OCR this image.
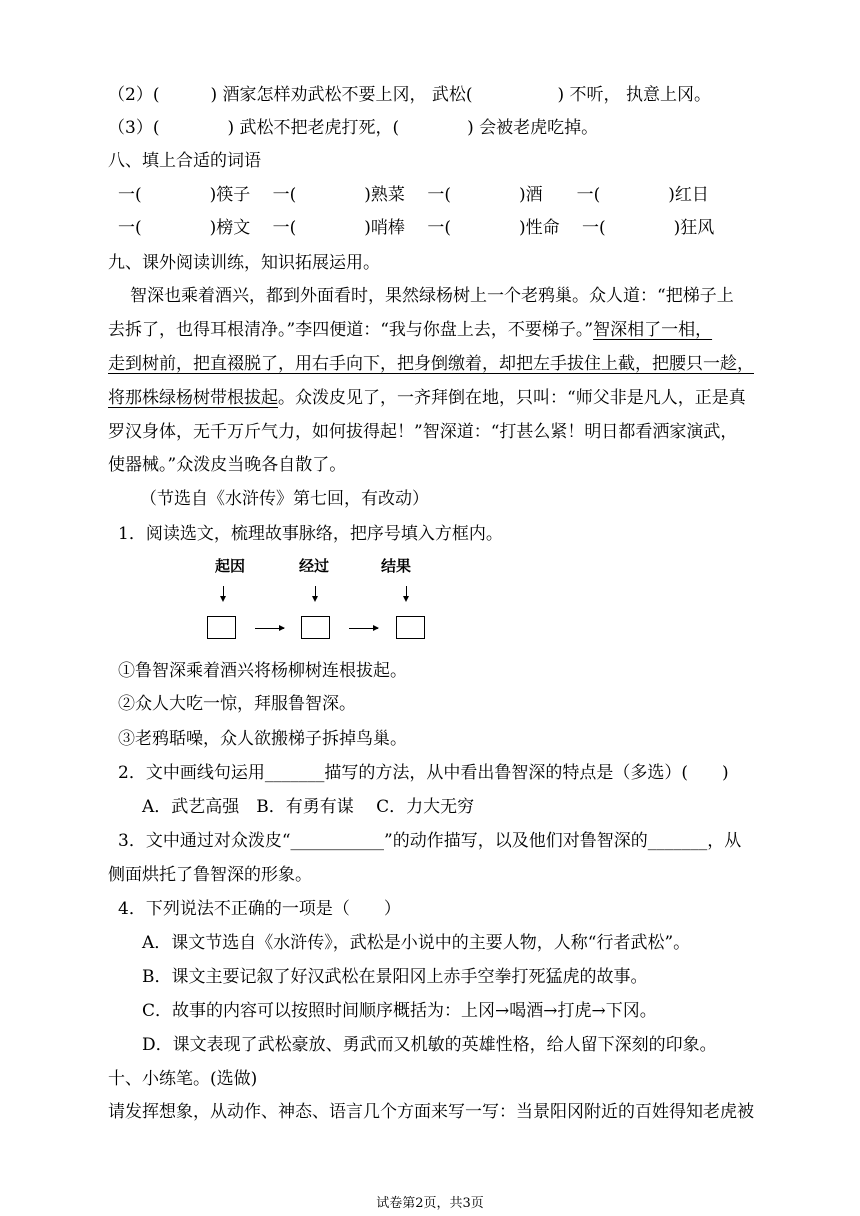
（2）(　　　) 酒家怎样劝武松不要上冈， 武松(　　　　　) 不听， 执意上冈。
（3）(　　　　) 武松不把老虎打死，(　　　　) 会被老虎吃掉。
八、填上合适的词语
一(　　　　)筷子　 一(　　　　)熟菜　 一(　　　　)酒　　一(　　　　)红日
一(　　　　)榜文　 一(　　　　)哨棒　 一(　　　　)性命　 一(　　　　)狂风
九、课外阅读训练，知识拓展运用。
智深也乘着酒兴，都到外面看时，果然绿杨树上一个老鸦巢。众人道：“把梯子上
去拆了，也得耳根清净。”李四便道：“我与你盘上去，不要梯子。”智深相了一相，
走到树前，把直裰脱了，用右手向下，把身倒缴着，却把左手拔住上截，把腰只一趁，
将那株绿杨树带根拔起。众泼皮见了，一齐拜倒在地，只叫：“师父非是凡人，正是真
罗汉身体，无千万斤气力，如何拔得起！”智深道：“打甚么紧！明日都看洒家演武，
使器械。”众泼皮当晚各自散了。
（节选自《水浒传》第七回，有改动）
1．阅读选文，梳理故事脉络，把序号填入方框内。
起因	经过	结果
①鲁智深乘着酒兴将杨柳树连根拔起。
②众人大吃一惊，拜服鲁智深。
③老鸦聒噪，众人欲搬梯子拆掉鸟巢。
2．文中画线句运用_______描写的方法，从中看出鲁智深的特点是（多选）(　　)
A．武艺高强　B．有勇有谋　 C．力大无穷
3．文中通过对众泼皮“___________”的动作描写，以及他们对鲁智深的_______，从
侧面烘托了鲁智深的形象。
4．下列说法不正确的一项是（　　）
A．课文节选自《水浒传》，武松是小说中的主要人物，人称“行者武松”。
B．课文主要记叙了好汉武松在景阳冈上赤手空拳打死猛虎的故事。
C．故事的内容可以按照时间顺序概括为：上冈→喝酒→打虎→下冈。
D．课文表现了武松豪放、勇武而又机敏的英雄性格，给人留下深刻的印象。
十、小练笔。(选做)
请发挥想象，从动作、神态、语言几个方面来写一写：当景阳冈附近的百姓得知老虎被
试卷第2页，共3页
